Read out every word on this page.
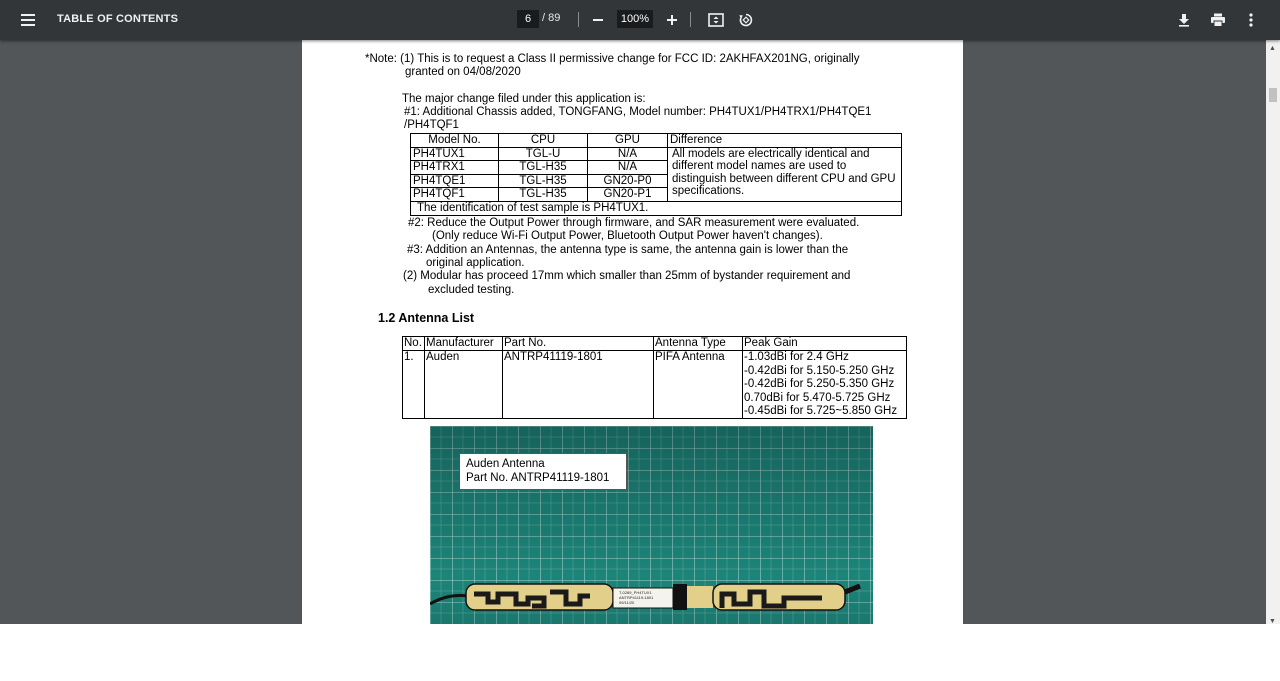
TABLE OF CONTENTS	6 / 89	100%
*Note: (1) This is to request a Class II permissive change for FCC ID: 2AKHFAX201NG, originally
granted on 04/08/2020
The major change filed under this application is:
#1: Additional Chassis added, TONGFANG, Model number: PH4TUX1/PH4TRX1/PH4TQE1
/PH4TQF1
Model No.	CPU	GPU	Difference
PH4TUX1	TGL-U	N/A	All models are electrically identical and different model names are used to distinguish between different CPU and GPU specifications.
PH4TRX1	TGL-H35	N/A	
PH4TQE1	TGL-H35	GN20-P0	
PH4TQF1	TGL-H35	GN20-P1	
The identification of test sample is PH4TUX1.			
#2: Reduce the Output Power through firmware, and SAR measurement were evaluated.
(Only reduce Wi-Fi Output Power, Bluetooth Output Power haven't changes).
#3: Addition an Antennas, the antenna type is same, the antenna gain is lower than the
original application.
(2) Modular has proceed 17mm which smaller than 25mm of bystander requirement and
excluded testing.
1.2 Antenna List
No.	Manufacturer	Part No.	Antenna Type	Peak Gain
1.	Auden	ANTRP41119-1801	PIFA Antenna	-1.03dBi for 2.4 GHz
-0.42dBi for 5.150-5.250 GHz
-0.42dBi for 5.250-5.350 GHz
0.70dBi for 5.470-5.725 GHz
-0.45dBi for 5.725~5.850 GHz
T-0289_PH4TUX1
ANTRP41119-1801
09/11/20
Auden Antenna
Part No. ANTRP41119-1801
▲
▼
